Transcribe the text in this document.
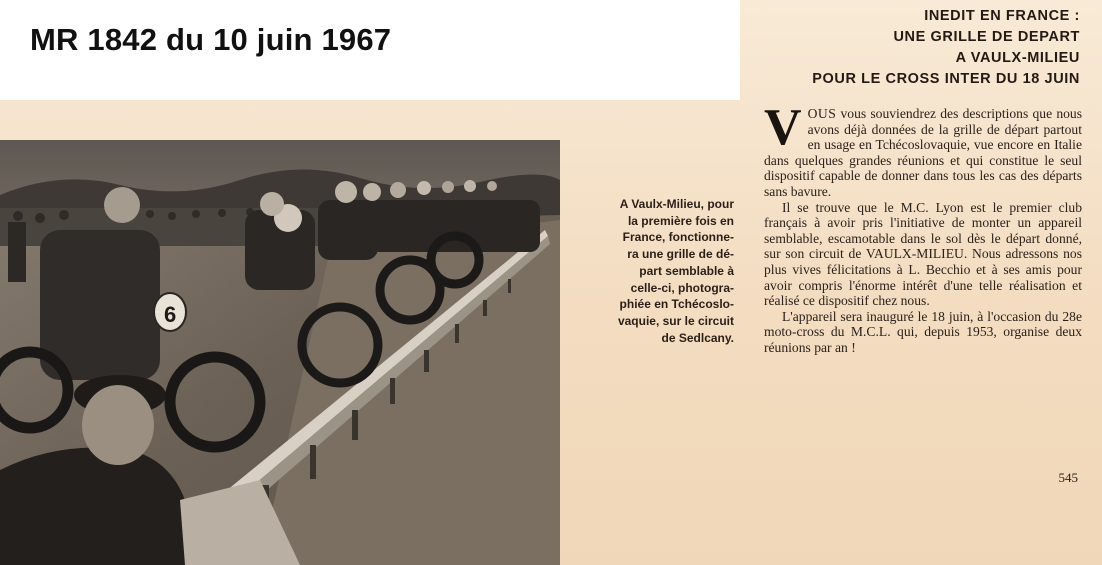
MR 1842 du 10 juin 1967
INEDIT EN FRANCE :
UNE GRILLE DE DEPART
A VAULX-MILIEU
POUR LE CROSS INTER DU 18 JUIN
6
A Vaulx-Milieu, pour
la première fois en
France, fonctionne-
ra une grille de dé-
part semblable à
celle-ci, photogra-
phiée en Tchécoslo-
vaquie, sur le circuit
de Sedlcany.

V OUS vous souviendrez des descriptions que nous avons déjà données de la grille de départ partout en usage en Tchécoslovaquie, vue encore en Italie dans quelques grandes réunions et qui constitue le seul dispositif capable de donner dans tous les cas des départs sans bavure.

Il se trouve que le M.C. Lyon est le premier club français à avoir pris l'initiative de monter un appareil semblable, escamotable dans le sol dès le départ donné, sur son circuit de VAULX-MILIEU. Nous adressons nos plus vives félicitations à L. Becchio et à ses amis pour avoir compris l'énorme intérêt d'une telle réalisation et réalisé ce dispositif chez nous.

L'appareil sera inauguré le 18 juin, à l'occasion du 28e moto-cross du M.C.L. qui, depuis 1953, organise deux réunions par an !

545
